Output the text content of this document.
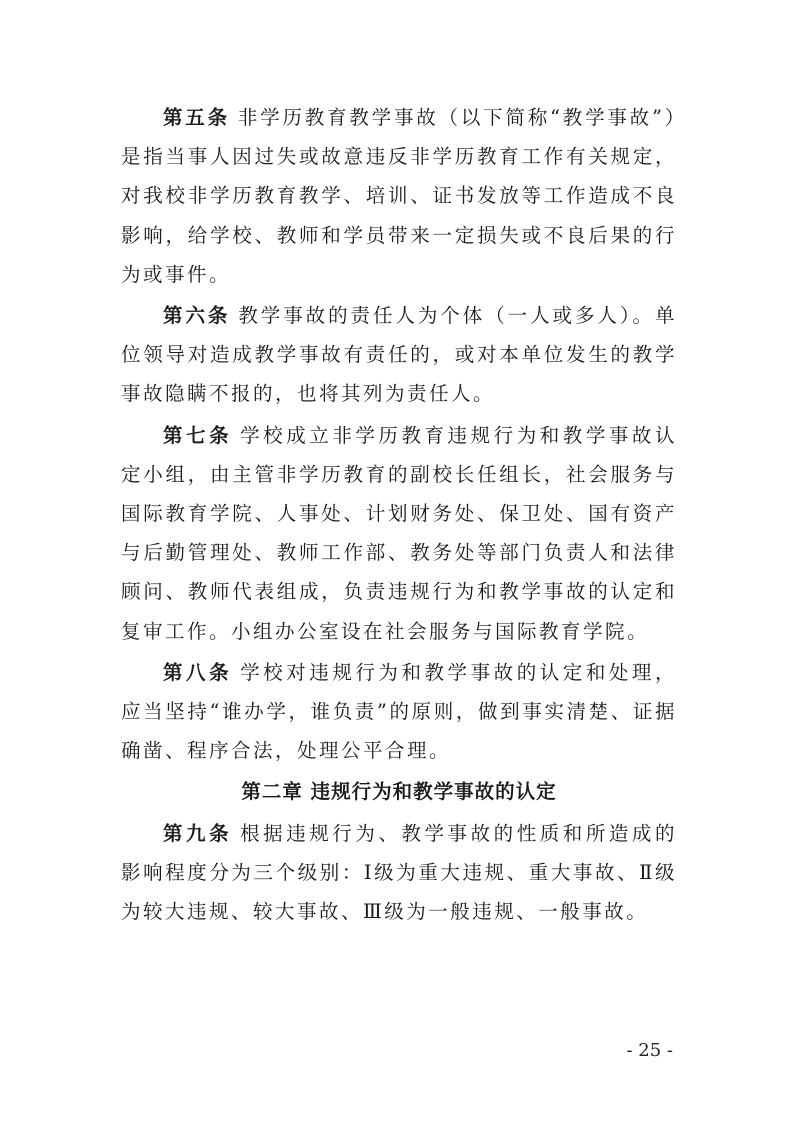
第五条 非学历教育教学事故（以下简称“教学事故”）是指当事人因过失或故意违反非学历教育工作有关规定，对我校非学历教育教学、培训、证书发放等工作造成不良影响，给学校、教师和学员带来一定损失或不良后果的行为或事件。

第六条 教学事故的责任人为个体（一人或多人）。单位领导对造成教学事故有责任的，或对本单位发生的教学事故隐瞒不报的，也将其列为责任人。

第七条 学校成立非学历教育违规行为和教学事故认定小组，由主管非学历教育的副校长任组长，社会服务与国际教育学院、人事处、计划财务处、保卫处、国有资产与后勤管理处、教师工作部、教务处等部门负责人和法律顾问、教师代表组成，负责违规行为和教学事故的认定和复审工作。小组办公室设在社会服务与国际教育学院。

第八条 学校对违规行为和教学事故的认定和处理，应当坚持“谁办学，谁负责”的原则，做到事实清楚、证据确凿、程序合法，处理公平合理。

第二章 违规行为和教学事故的认定

第九条 根据违规行为、教学事故的性质和所造成的影响程度分为三个级别：Ⅰ级为重大违规、重大事故、Ⅱ级为较大违规、较大事故、Ⅲ级为一般违规、一般事故。

- 25 -
